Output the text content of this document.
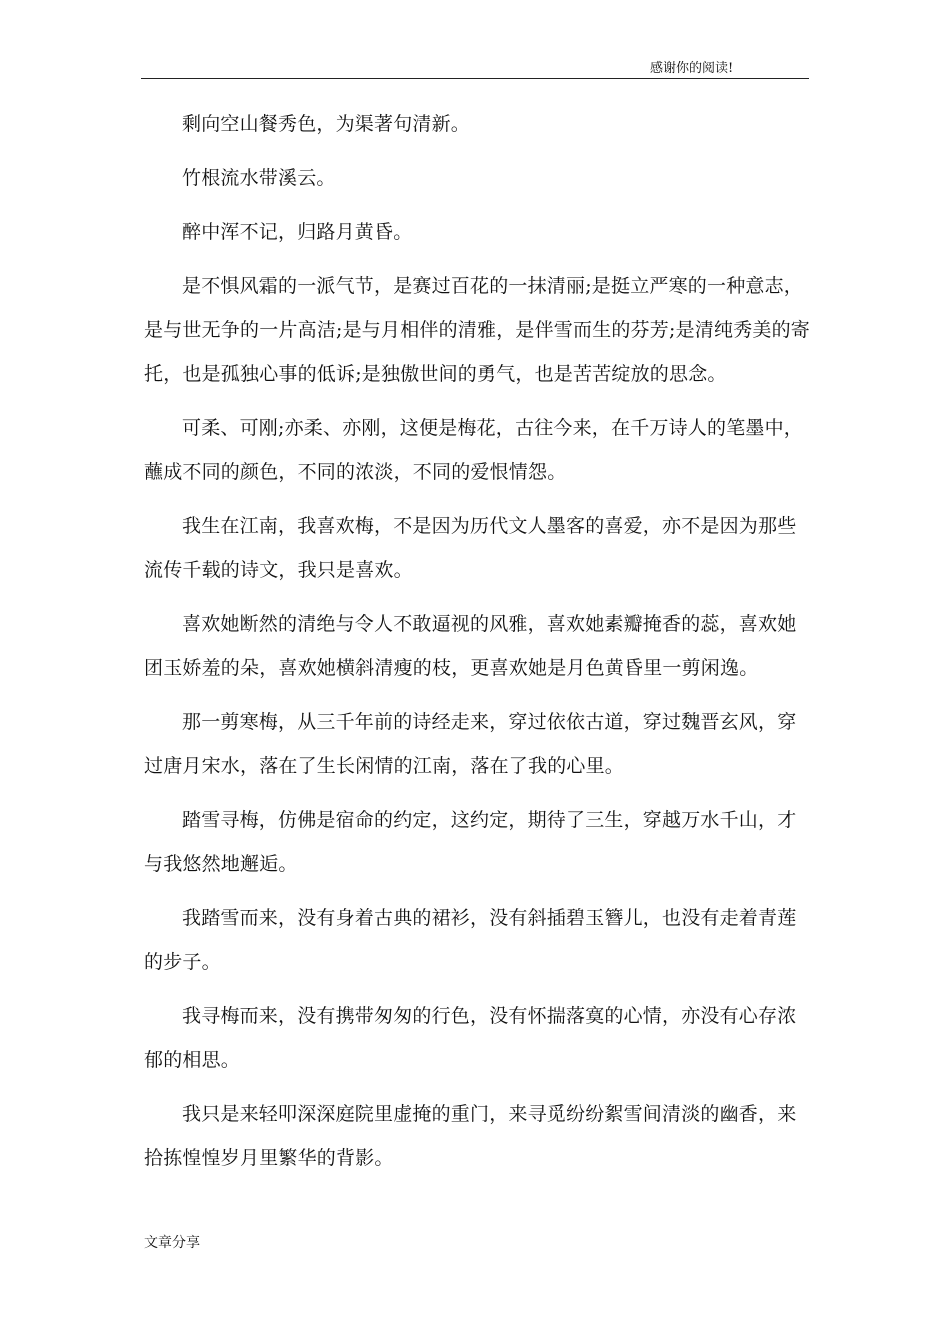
感谢你的阅读!

剩向空山餐秀色，为渠著句清新。

竹根流水带溪云。

醉中浑不记，归路月黄昏。

是不惧风霜的一派气节，是赛过百花的一抹清丽;是挺立严寒的一种意志，是与世无争的一片高洁;是与月相伴的清雅，是伴雪而生的芬芳;是清纯秀美的寄托，也是孤独心事的低诉;是独傲世间的勇气，也是苦苦绽放的思念。

可柔、可刚;亦柔、亦刚，这便是梅花，古往今来，在千万诗人的笔墨中，蘸成不同的颜色，不同的浓淡，不同的爱恨情怨。

我生在江南，我喜欢梅，不是因为历代文人墨客的喜爱，亦不是因为那些流传千载的诗文，我只是喜欢。

喜欢她断然的清绝与令人不敢逼视的风雅，喜欢她素瓣掩香的蕊，喜欢她团玉娇羞的朵，喜欢她横斜清瘦的枝，更喜欢她是月色黄昏里一剪闲逸。

那一剪寒梅，从三千年前的诗经走来，穿过依依古道，穿过魏晋玄风，穿过唐月宋水，落在了生长闲情的江南，落在了我的心里。

踏雪寻梅，仿佛是宿命的约定，这约定，期待了三生，穿越万水千山，才与我悠然地邂逅。

我踏雪而来，没有身着古典的裙衫，没有斜插碧玉簪儿，也没有走着青莲的步子。

我寻梅而来，没有携带匆匆的行色，没有怀揣落寞的心情，亦没有心存浓郁的相思。

我只是来轻叩深深庭院里虚掩的重门，来寻觅纷纷絮雪间清淡的幽香，来拾拣惶惶岁月里繁华的背影。

文章分享
